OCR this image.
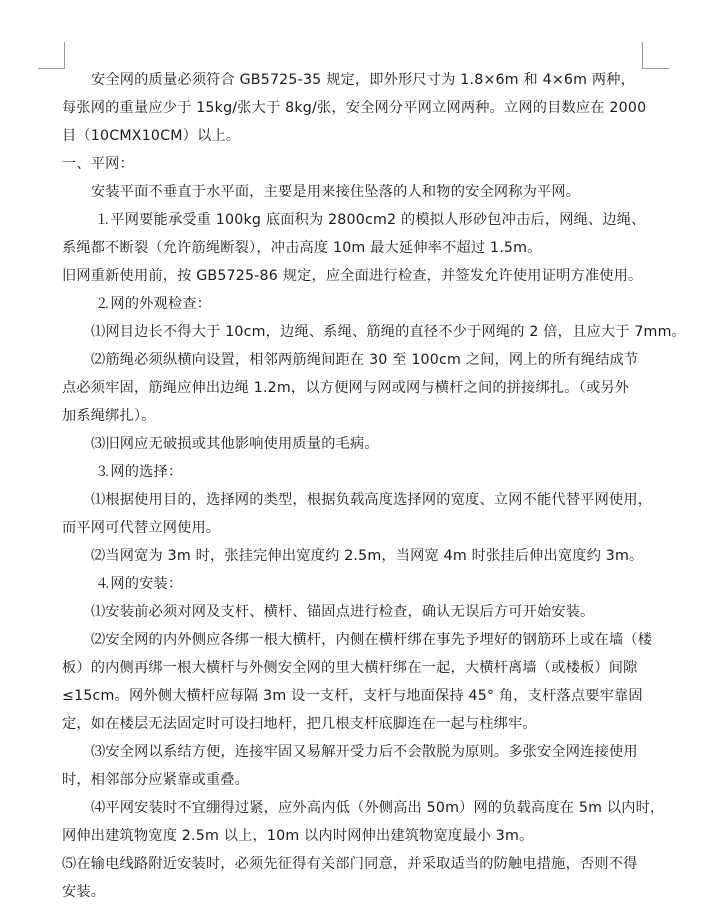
安全网的质量必须符合 GB5725-35 规定，即外形尺寸为 1.8×6m 和 4×6m 两种，
每张网的重量应少于 15kg/张大于 8kg/张，安全网分平网立网两种。立网的目数应在 2000
目（10CMX10CM）以上。
一、平网：
安装平面不垂直于水平面，主要是用来接住坠落的人和物的安全网称为平网。
⒈平网要能承受重 100kg 底面积为 2800cm2 的模拟人形砂包冲击后，网绳、边绳、
系绳都不断裂（允许筋绳断裂），冲击高度 10m 最大延伸率不超过 1.5m。
旧网重新使用前，按 GB5725-86 规定，应全面进行检查，并签发允许使用证明方准使用。
⒉网的外观检查：
⑴网目边长不得大于 10cm，边绳、系绳、筋绳的直径不少于网绳的 2 倍，且应大于 7mm。
⑵筋绳必须纵横向设置，相邻两筋绳间距在 30 至 100cm 之间，网上的所有绳结成节
点必须牢固，筋绳应伸出边绳 1.2m，以方便网与网或网与横杆之间的拼接绑扎。（或另外
加系绳绑扎）。
⑶旧网应无破损或其他影响使用质量的毛病。
⒊网的选择：
⑴根据使用目的，选择网的类型，根据负载高度选择网的宽度、立网不能代替平网使用，
而平网可代替立网使用。
⑵当网宽为 3m 时，张挂完伸出宽度约 2.5m，当网宽 4m 时张挂后伸出宽度约 3m。
⒋网的安装：
⑴安装前必须对网及支杆、横杆、锚固点进行检查，确认无误后方可开始安装。
⑵安全网的内外侧应各绑一根大横杆，内侧在横杆绑在事先予埋好的钢筋环上或在墙（楼
板）的内侧再绑一根大横杆与外侧安全网的里大横杆绑在一起，大横杆离墙（或楼板）间隙
≤15cm。网外侧大横杆应每隔 3m 设一支杆，支杆与地面保持 45° 角，支杆落点要牢靠固
定，如在楼层无法固定时可设扫地杆，把几根支杆底脚连在一起与柱绑牢。
⑶安全网以系结方便，连接牢固又易解开受力后不会散脱为原则。多张安全网连接使用
时，相邻部分应紧靠或重叠。
⑷平网安装时不宜绷得过紧，应外高内低（外侧高出 50m）网的负载高度在 5m 以内时，
网伸出建筑物宽度 2.5m 以上，10m 以内时网伸出建筑物宽度最小 3m。
⑸在输电线路附近安装时，必须先征得有关部门同意，并采取适当的防触电措施，否则不得
安装。
